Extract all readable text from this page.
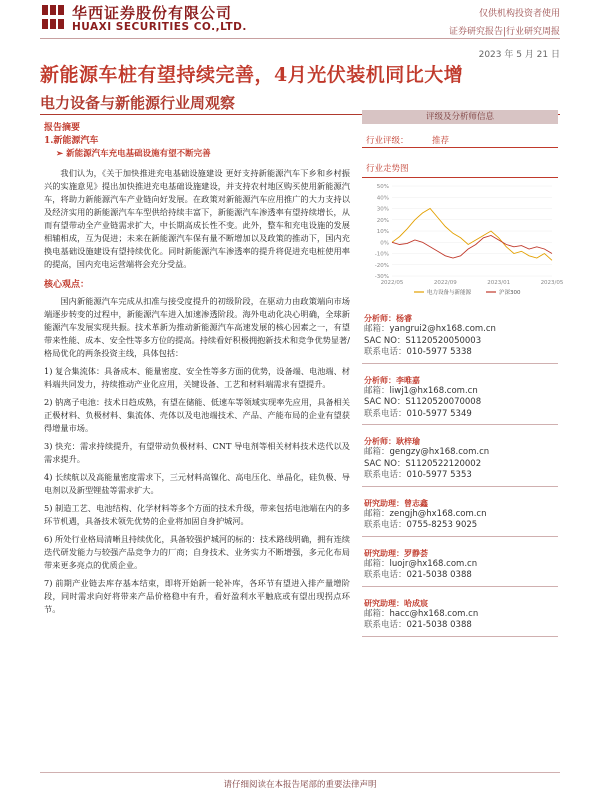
华西证券股份有限公司
HUAXI SECURITIES CO.,LTD.
仅供机构投资者使用
证券研究报告|行业研究周报
2023 年 5 月 21 日
新能源车桩有望持续完善，4月光伏装机同比大增
电力设备与新能源行业周观察
报告摘要
1.新能源汽车
➢ 新能源汽车充电基础设施有望不断完善
我们认为，《关于加快推进充电基础设施建设 更好支持新能源汽车下乡和乡村振兴的实施意见》提出加快推进充电基础设施建设，并支持农村地区购买使用新能源汽车，将助力新能源汽车产业链向好发展。在政策对新能源汽车应用推广的大力支持以及经济实用的新能源汽车车型供给持续丰富下，新能源汽车渗透率有望持续增长，从而有望带动全产业链需求扩大，中长期高成长性不变。此外，整车和充电设施的发展相辅相成，互为促进；未来在新能源汽车保有量不断增加以及政策的推动下，国内充换电基础设施建设有望持续优化。同时新能源汽车渗透率的提升将促进充电桩使用率的提高，国内充电运营端将会充分受益。
核心观点：
国内新能源汽车完成从扣准与接受度提升的初级阶段，在驱动力由政策端向市场端逐步转变的过程中，新能源汽车进入加速渗透阶段。海外电动化决心明确，全球新能源汽车发展实现共振。技术革新为推动新能源汽车高速发展的核心因素之一，有望带来性能、成本、安全性等多方位的提高。持续看好积极拥抱新技术和竞争优势显著/格局优化的两条投资主线，具体包括：
1) 复合集流体：具备成本、能量密度、安全性等多方面的优势，设备端、电池端、材料端共同发力，持续推动产业化应用，关键设备、工艺和材料端需求有望提升。
2) 钠离子电池：技术日趋成熟，有望在储能、低速车等领域实现率先应用，具备相关正极材料、负极材料、集流体、壳体以及电池端技术、产品、产能布局的企业有望获得增量市场。
3) 快充：需求持续提升，有望带动负极材料、CNT 导电剂等相关材料技术迭代以及需求提升。
4) 长续航以及高能量密度需求下，三元材料高镍化、高电压化、单晶化，硅负极、导电剂以及新型锂盐等需求扩大。
5) 制造工艺、电池结构、化学材料等多个方面的技术升级，带来包括电池端在内的多环节机遇，具备技术领先优势的企业将加固自身护城河。
6) 所处行业格局清晰且持续优化，具备较强护城河的标的：技术路线明确，拥有连续迭代研发能力与较强产品竞争力的厂商；自身技术、业务实力不断增强，多元化布局带来更多亮点的优质企业。
7) 前期产业链去库存基本结束，即将开始新一轮补库，各环节有望进入排产量增阶段，同时需求向好将带来产品价格稳中有升，看好盈利水平触底或有望出现拐点环节。
评级及分析师信息
行业评级：	推荐
行业走势图
50%
40%
30%
20%
10%
0%
-10%
-20%
-30%
2022/05	2022/09	2023/01	2023/05
电力设备与新能源	沪深300
分析师：杨睿
邮箱：yangrui2@hx168.com.cn
SAC NO：S1120520050003
联系电话：010-5977 5338
分析师：李唯嘉
邮箱：liwj1@hx168.com.cn
SAC NO：S1120520070008
联系电话：010-5977 5349
分析师：耿梓瑜
邮箱：gengzy@hx168.com.cn
SAC NO：S1120522120002
联系电话：010-5977 5353
研究助理：曾志鑫
邮箱：zengjh@hx168.com.cn
联系电话：0755-8253 9025
研究助理：罗静荟
邮箱：luojr@hx168.com.cn
联系电话：021-5038 0388
研究助理：哈成宸
邮箱：hacc@hx168.com.cn
联系电话：021-5038 0388
请仔细阅读在本报告尾部的重要法律声明
